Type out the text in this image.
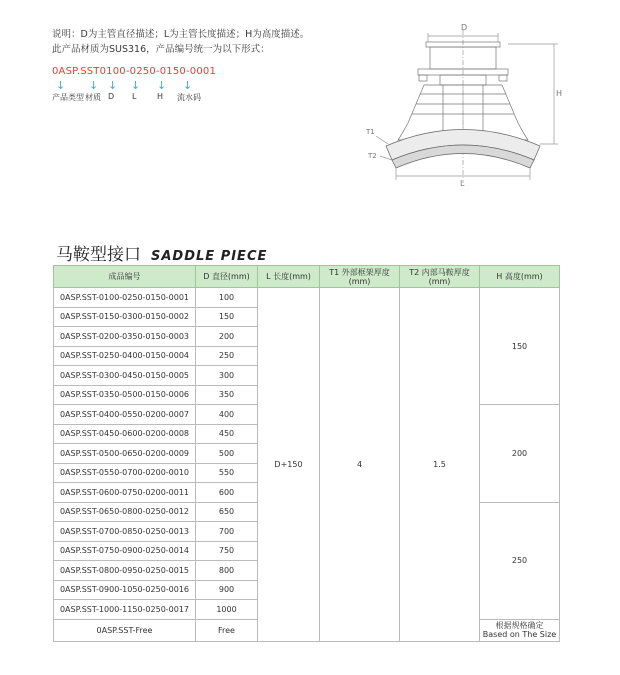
说明：D为主管直径描述；L为主管长度描述；H为高度描述。
此产品材质为SUS316，产品编号统一为以下形式：
0ASP.SST0100-0250-0150-0001
↓ ↓ ↓ ↓ ↓ ↓
产品类型 材质 D L	H 流水码
D
H
L
T1
T2
马鞍型接口 SADDLE PIECE
成品编号	D 直径(mm)	L 长度(mm)	T1 外部框架厚度(mm)	T2 内部马鞍厚度(mm)	H 高度(mm)
0ASP.SST-0100-0250-0150-0001	100	D+150	4	1.5	150
0ASP.SST-0150-0300-0150-0002	150				
0ASP.SST-0200-0350-0150-0003	200				
0ASP.SST-0250-0400-0150-0004	250				
0ASP.SST-0300-0450-0150-0005	300				
0ASP.SST-0350-0500-0150-0006	350				
0ASP.SST-0400-0550-0200-0007	400				200
0ASP.SST-0450-0600-0200-0008	450				
0ASP.SST-0500-0650-0200-0009	500				
0ASP.SST-0550-0700-0200-0010	550				
0ASP.SST-0600-0750-0200-0011	600				
0ASP.SST-0650-0800-0250-0012	650				250
0ASP.SST-0700-0850-0250-0013	700				
0ASP.SST-0750-0900-0250-0014	750				
0ASP.SST-0800-0950-0250-0015	800				
0ASP.SST-0900-1050-0250-0016	900				
0ASP.SST-1000-1150-0250-0017	1000				
0ASP.SST-Free	Free				根据规格确定
Based on The Size
